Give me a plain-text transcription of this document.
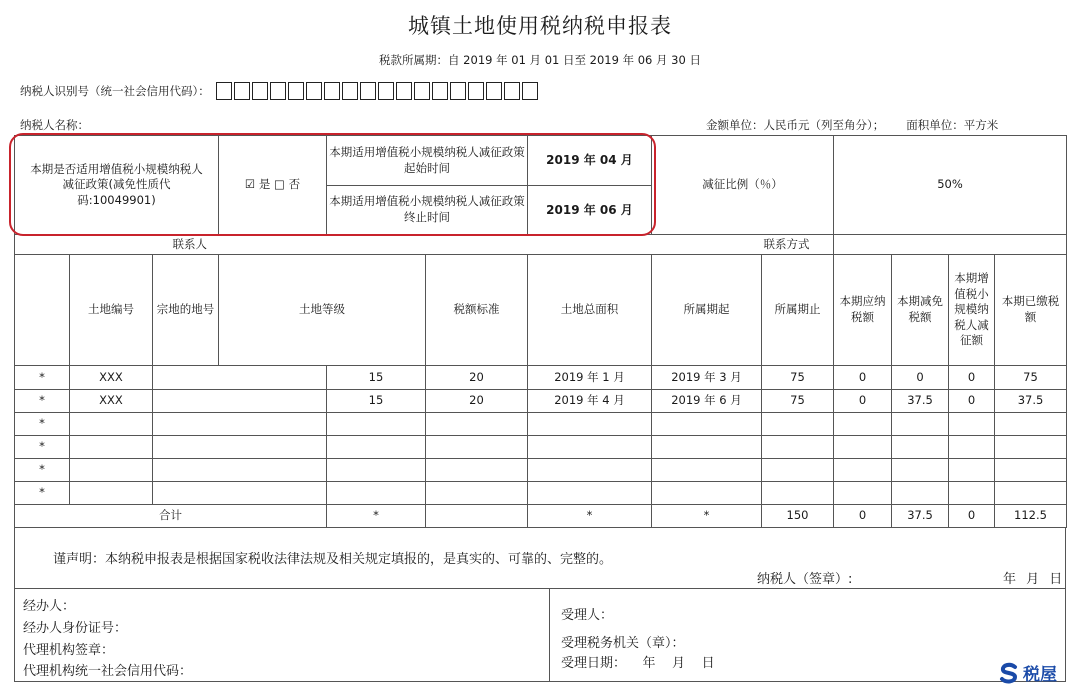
城镇土地使用税纳税申报表
税款所属期：自 2019 年 01 月 01 日至 2019 年 06 月 30 日
纳税人识别号（统一社会信用代码）：
纳税人名称：	金额单位：人民币元（列至角分）； 面积单位：平方米
本期是否适用增值税小规模纳税人减征政策(减免性质代码:10049901)			☑ 是 □ 否	本期适用增值税小规模纳税人减征政策起始时间		2019 年 04 月	减征比例（％）		50%				
				本期适用增值税小规模纳税人减征政策终止时间		2019 年 06 月							
联系人								联系方式					
	土地编号	宗地的地号	土地等级		税额标准	土地总面积	所属期起	所属期止	本期应纳税额	本期减免税额	本期增值税小规模纳税人减征额	本期已缴税额	
*	XXX			15	20	2019 年 1 月	2019 年 3 月	75	0	0	0	75	
*	XXX			15	20	2019 年 4 月	2019 年 6 月	75	0	37.5	0	37.5	
*													
*													
*													
*													
合计				*		*	*	150	0	37.5	0	112.5	
谨声明：本纳税申报表是根据国家税收法律法规及相关规定填报的，是真实的、可靠的、完整的。
纳税人（签章）:	年 月 日
经办人：
经办人身份证号：
代理机构签章：
代理机构统一社会信用代码：
受理人：
受理税务机关（章）：
受理日期：    年    月    日
税屋
